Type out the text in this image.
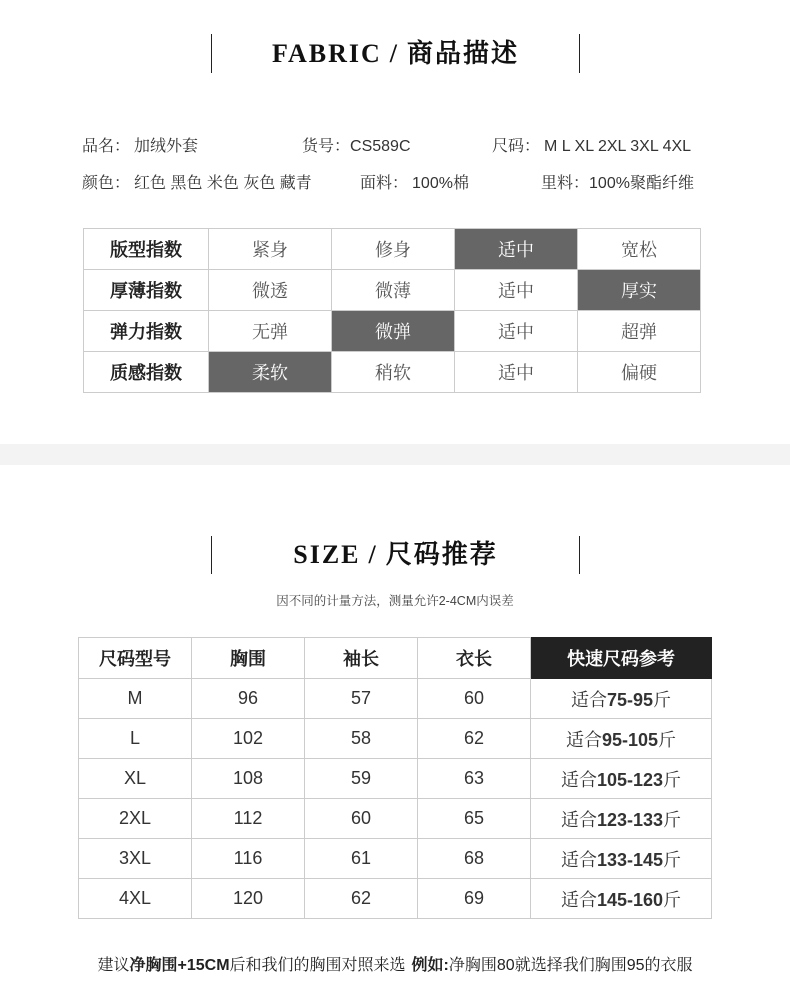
FABRIC / 商品描述
品名： 加绒外套	货号：CS589C	尺码： M L XL 2XL 3XL 4XL
颜色： 红色 黑色 米色 灰色 藏青	面料： 100%棉	里料：100%聚酯纤维
版型指数	紧身	修身	适中	宽松
厚薄指数	微透	微薄	适中	厚实
弹力指数	无弹	微弹	适中	超弹
质感指数	柔软	稍软	适中	偏硬
SIZE / 尺码推荐
因不同的计量方法，测量允许2-4CM内误差
尺码型号	胸围	袖长	衣长	快速尺码参考
M	96	57	60	适合75-95斤
L	102	58	62	适合95-105斤
XL	108	59	63	适合105-123斤
2XL	112	60	65	适合123-133斤
3XL	116	61	68	适合133-145斤
4XL	120	62	69	适合145-160斤
建议净胸围+15CM后和我们的胸围对照来选 例如:净胸围80就选择我们胸围95的衣服
